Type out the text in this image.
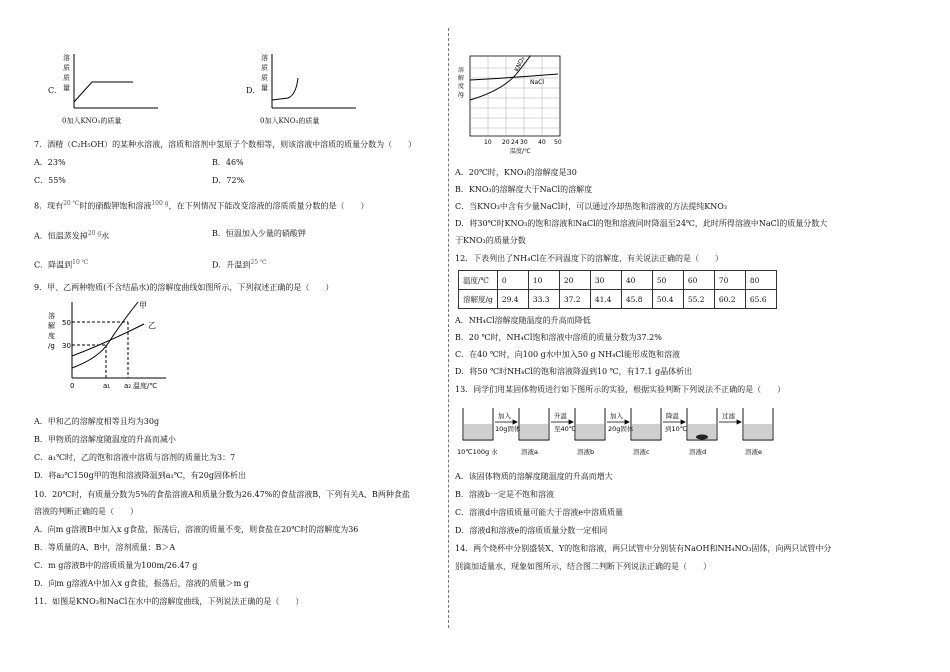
C.
溶
质
质
量
0加入KNO₃的质量
D.
溶
质
质
量
0加入KNO₃的质量
7．酒精（C₂H₅OH）的某种水溶液，溶质和溶剂中氢原子个数相等，则该溶液中溶质的质量分数为（　　）
A．23%	B．46%
C．55%	D．72%
8．现有$^{20 ℃}$时的硝酸钾饱和溶液$^{100 g}$，在下列情况下能改变溶液的溶质质量分数的是（　　）
A．恒温蒸发掉$^{20 g}$水	B．恒温加入少量的硝酸钾
C．降温到$^{10 ℃}$	D．升温到$^{25 ℃}$
9．甲、乙两种物质(不含结晶水)的溶解度曲线如图所示，下列叙述正确的是（　　）
溶
解
度
/g
50
30
0	a₁ a₂ 温度/℃
甲
乙
A．甲和乙的溶解度相等且均为30g
B．甲物质的溶解度随温度的升高而减小
C．a₁℃时，乙的饱和溶液中溶质与溶剂的质量比为3：7
D．将a₂℃150g甲的饱和溶液降温到a₁℃，有20g固体析出
10．20℃时，有质量分数为5%的食盐溶液A和质量分数为26.47%的食盐溶液B，下列有关A、B两种食盐
溶液的判断正确的是（　　）
A．向m g溶液B中加入x g食盐，振荡后，溶液的质量不变，则食盐在20℃时的溶解度为36
B．等质量的A、B中，溶剂质量：B＞A
C．m g溶液B中的溶质质量为100m/26.47 g
D．向m g溶液A中加入x g食盐，振荡后，溶液的质量＞m g
11．如图是KNO₃和NaCl在水中的溶解度曲线，下列说法正确的是（　　）
溶
解
度
/g
KNO₃
NaCl
10 20 24 30 40 50
温度/℃
A．20℃时，KNO₃的溶解度是30
B．KNO₃的溶解度大于NaCl的溶解度
C．当KNO₃中含有少量NaCl时，可以通过冷却热饱和溶液的方法提纯KNO₃
D．将30℃时KNO₃的饱和溶液和NaCl的饱和溶液同时降温至24℃，此时所得溶液中NaCl的质量分数大
于KNO₃的质量分数
12．下表列出了NH₄Cl在不同温度下的溶解度，有关说法正确的是（　　）
温度/℃	0	10	20	30	40	50	60	70	80
溶解度/g	29.4	33.3	37.2	41.4	45.8	50.4	55.2	60.2	65.6
A．NH₄Cl溶解度随温度的升高而降低
B．20 ℃时，NH₄Cl饱和溶液中溶质的质量分数为37.2%
C．在40 ℃时，向100 g水中加入50 g NH₄Cl能形成饱和溶液
D．将50 ℃时NH₄Cl的饱和溶液降温到10 ℃，有17.1 g晶体析出
13．同学们用某固体物质进行如下图所示的实验，根据实验判断下列说法不正确的是（　　）
加入
10g固体
升温
至40℃
加入
20g固体
降温
到10℃
过滤
10℃100g 水	溶液a	溶液b	溶液c	溶液d	溶液e
A．该固体物质的溶解度随温度的升高而增大
B．溶液b一定是不饱和溶液
C．溶液d中溶质质量可能大于溶液e中溶质质量
D．溶液d和溶液e的溶质质量分数一定相同
14．两个烧杯中分别盛装X、Y的饱和溶液，两只试管中分别装有NaOH和NH₄NO₃固体，向两只试管中分
别滴加适量水，现象如图所示，结合图二判断下列说法正确的是（　　）
